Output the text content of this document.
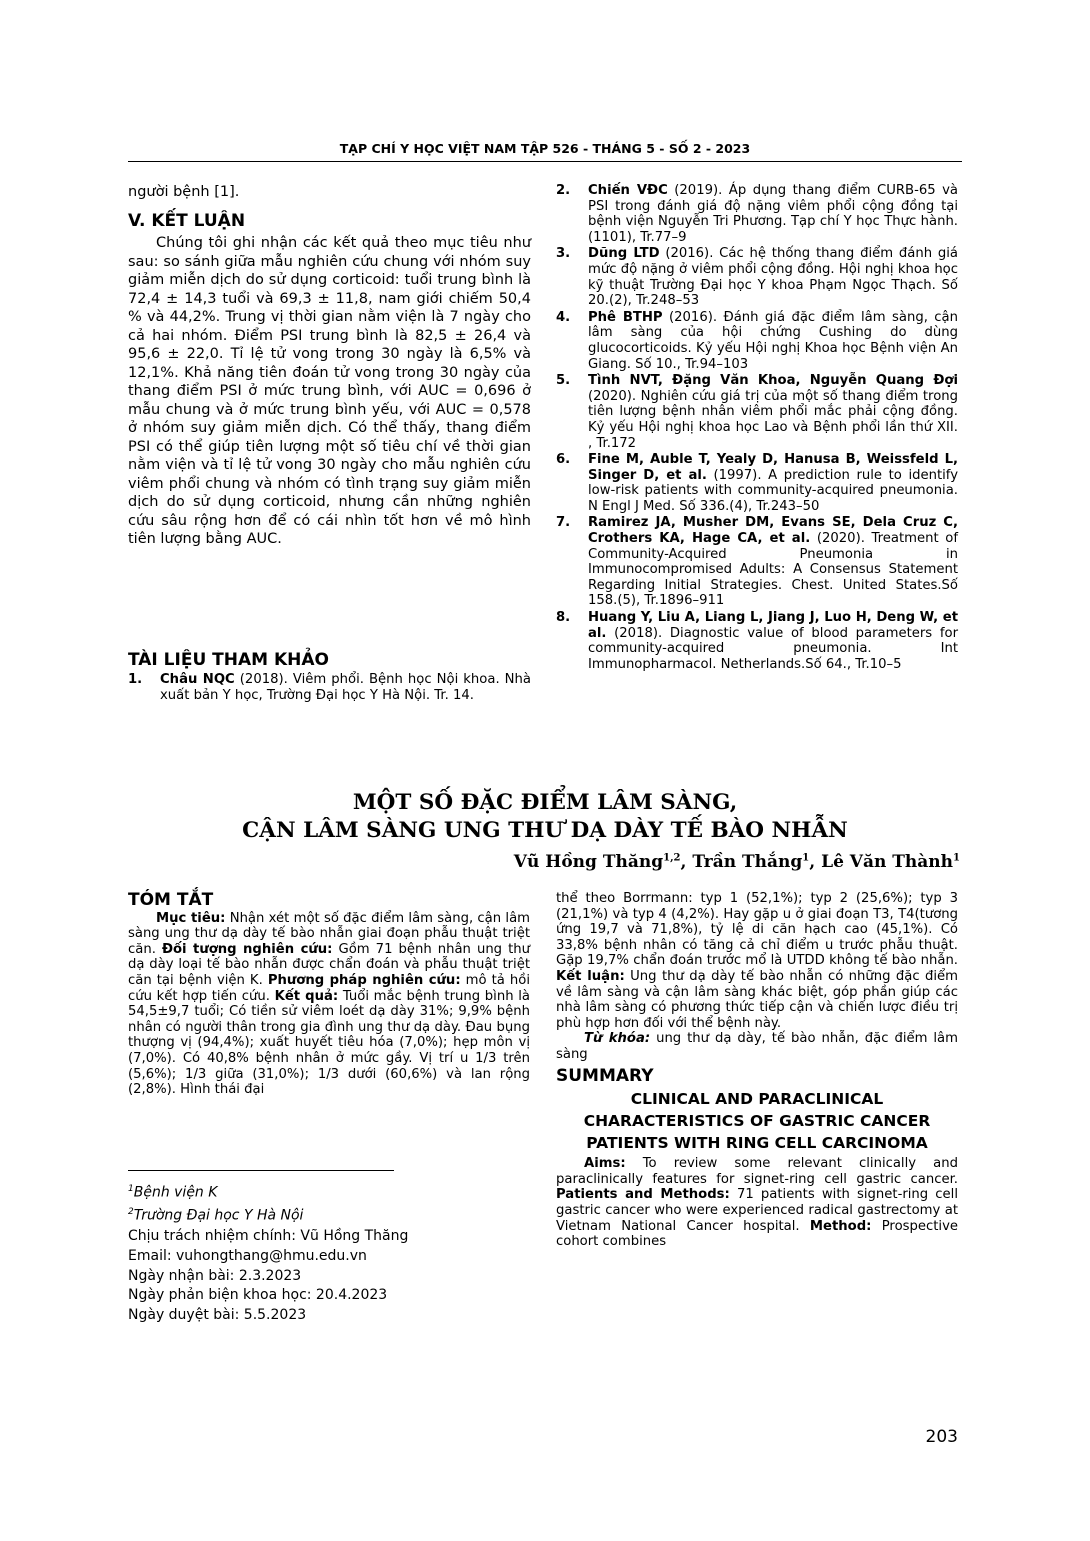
TẠP CHÍ Y HỌC VIỆT NAM TẬP 526 - THÁNG 5 - SỐ 2 - 2023

người bệnh [1].

V. KẾT LUẬN

Chúng tôi ghi nhận các kết quả theo mục tiêu như sau: so sánh giữa mẫu nghiên cứu chung với nhóm suy giảm miễn dịch do sử dụng corticoid: tuổi trung bình là 72,4 ± 14,3 tuổi và 69,3 ± 11,8, nam giới chiếm 50,4 % và 44,2%. Trung vị thời gian nằm viện là 7 ngày cho cả hai nhóm. Điểm PSI trung bình là 82,5 ± 26,4 và 95,6 ± 22,0. Tỉ lệ tử vong trong 30 ngày là 6,5% và 12,1%. Khả năng tiên đoán tử vong trong 30 ngày của thang điểm PSI ở mức trung bình, với AUC = 0,696 ở mẫu chung và ở mức trung bình yếu, với AUC = 0,578 ở nhóm suy giảm miễn dịch. Có thể thấy, thang điểm PSI có thể giúp tiên lượng một số tiêu chí về thời gian nằm viện và tỉ lệ tử vong 30 ngày cho mẫu nghiên cứu viêm phổi chung và nhóm có tình trạng suy giảm miễn dịch do sử dụng corticoid, nhưng cần những nghiên cứu sâu rộng hơn để có cái nhìn tốt hơn về mô hình tiên lượng bằng AUC.

TÀI LIỆU THAM KHẢO
1.	Châu NQC (2018). Viêm phổi. Bệnh học Nội khoa. Nhà xuất bản Y học, Trường Đại học Y Hà Nội. Tr. 14.
2.	Chiến VĐC (2019). Áp dụng thang điểm CURB-65 và PSI trong đánh giá độ nặng viêm phổi cộng đồng tại bệnh viện Nguyễn Tri Phương. Tạp chí Y học Thực hành. (1101), Tr.77–9
3.	Dũng LTD (2016). Các hệ thống thang điểm đánh giá mức độ nặng ở viêm phổi cộng đồng. Hội nghị khoa học kỹ thuật Trường Đại học Y khoa Phạm Ngọc Thạch. Số 20.(2), Tr.248–53
4.	Phê BTHP (2016). Đánh giá đặc điểm lâm sàng, cận lâm sàng của hội chứng Cushing do dùng glucocorticoids. Kỷ yếu Hội nghị Khoa học Bệnh viện An Giang. Số 10., Tr.94–103
5.	Tình NVT, Đặng Văn Khoa, Nguyễn Quang Đợi (2020). Nghiên cứu giá trị của một số thang điểm trong tiên lượng bệnh nhân viêm phổi mắc phải cộng đồng. Kỷ yếu Hội nghị khoa học Lao và Bệnh phổi lần thứ XII. , Tr.172
6.	Fine M, Auble T, Yealy D, Hanusa B, Weissfeld L, Singer D, et al. (1997). A prediction rule to identify low-risk patients with community-acquired pneumonia. N Engl J Med. Số 336.(4), Tr.243–50
7.	Ramirez JA, Musher DM, Evans SE, Dela Cruz C, Crothers KA, Hage CA, et al. (2020). Treatment of Community-Acquired Pneumonia in Immunocompromised Adults: A Consensus Statement Regarding Initial Strategies. Chest. United States.Số 158.(5), Tr.1896–911
8.	Huang Y, Liu A, Liang L, Jiang J, Luo H, Deng W, et al. (2018). Diagnostic value of blood parameters for community-acquired pneumonia. Int Immunopharmacol. Netherlands.Số 64., Tr.10–5
MỘT SỐ ĐẶC ĐIỂM LÂM SÀNG,
CẬN LÂM SÀNG UNG THƯ DẠ DÀY TẾ BÀO NHẪN
Vũ Hồng Thăng$^{1,2}$, Trần Thắng$^1$, Lê Văn Thành$^1$
TÓM TẮT

Mục tiêu: Nhận xét một số đặc điểm lâm sàng, cận lâm sàng ung thư dạ dày tế bào nhẫn giai đoạn phẫu thuật triệt căn. Đối tượng nghiên cứu: Gồm 71 bệnh nhân ung thư dạ dày loại tế bào nhẫn được chẩn đoán và phẫu thuật triệt căn tại bệnh viện K. Phương pháp nghiên cứu: mô tả hồi cứu kết hợp tiến cứu. Kết quả: Tuổi mắc bệnh trung bình là 54,5±9,7 tuổi; Có tiền sử viêm loét dạ dày 31%; 9,9% bệnh nhân có người thân trong gia đình ung thư dạ dày. Đau bụng thượng vị (94,4%); xuất huyết tiêu hóa (7,0%); hẹp môn vị (7,0%). Có 40,8% bệnh nhân ở mức gầy. Vị trí u 1/3 trên (5,6%); 1/3 giữa (31,0%); 1/3 dưới (60,6%) và lan rộng (2,8%). Hình thái đại

thể theo Borrmann: typ 1 (52,1%); typ 2 (25,6%); typ 3 (21,1%) và typ 4 (4,2%). Hay gặp u ở giai đoạn T3, T4(tương ứng 19,7 và 71,8%), tỷ lệ di căn hạch cao (45,1%). Có 33,8% bệnh nhân có tăng cả chỉ điểm u trước phẫu thuật. Gặp 19,7% chẩn đoán trước mổ là UTDD không tế bào nhẫn. Kết luận: Ung thư dạ dày tế bào nhẫn có những đặc điểm về lâm sàng và cận lâm sàng khác biệt, góp phần giúp các nhà lâm sàng có phương thức tiếp cận và chiến lược điều trị phù hợp hơn đối với thể bệnh này.

Từ khóa: ung thư dạ dày, tế bào nhẫn, đặc điểm lâm sàng

SUMMARY
CLINICAL AND PARACLINICAL CHARACTERISTICS OF GASTRIC CANCER PATIENTS WITH RING CELL CARCINOMA

Aims: To review some relevant clinically and paraclinically features for signet-ring cell gastric cancer. Patients and Methods: 71 patients with signet-ring cell gastric cancer who were experienced radical gastrectomy at Vietnam National Cancer hospital. Method: Prospective cohort combines

$^1$Bệnh viện K
$^2$Trường Đại học Y Hà Nội
Chịu trách nhiệm chính: Vũ Hồng Thăng
Email: vuhongthang@hmu.edu.vn
Ngày nhận bài: 2.3.2023
Ngày phản biện khoa học: 20.4.2023
Ngày duyệt bài: 5.5.2023
203
